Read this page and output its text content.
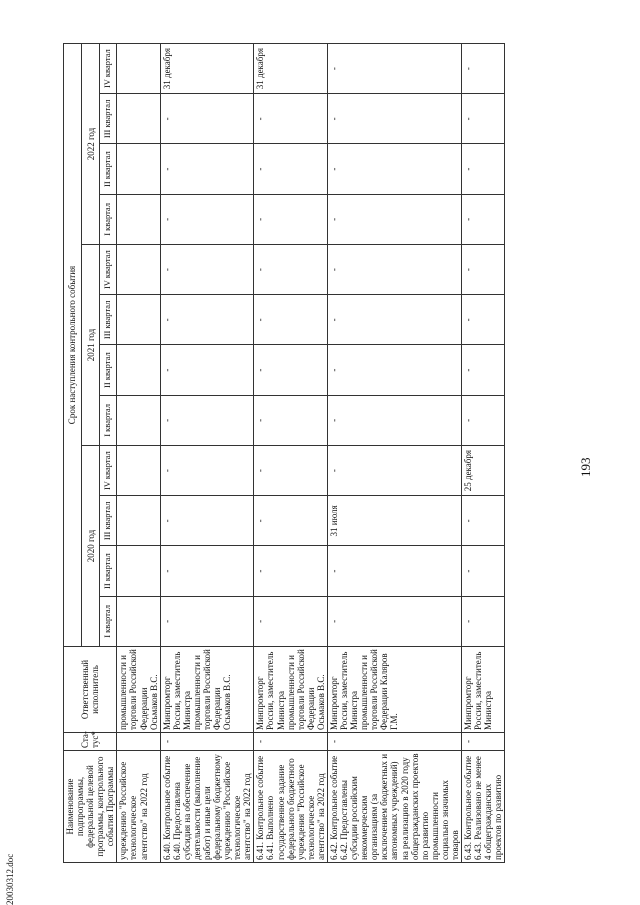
193
20030312.doc
Наименование подпрограммы, федеральной целевой программы, контрольного события Программы	Ста- тус*	Ответственный исполнитель	Срок наступления контрольного события											
			2020 год				2021 год				2022 год			
			I квартал	II квартал	III квартал	IV квартал	I квартал	II квартал	III квартал	IV квартал	I квартал	II квартал	III квартал	IV квартал
учреждению "Российское технологическое агентство" на 2022 год		промышленности и торговли Российской Федерации Осьмаков В.С.												
6.40. Контрольное событие 6.40. Предоставлена субсидия на обеспечение деятельности (выполнение работ) и иные цели федеральному бюджетному учреждению "Российское технологическое агентство" на 2022 год	-	Минпромторг России, заместитель Министра промышленности и торговли Российской Федерации Осьмаков В.С.	-	-	-	-	-	-	-	-	-	-	-	31 декабря
6.41. Контрольное событие 6.41. Выполнено государственное задание федерального бюджетного учреждения "Российское технологическое агентство" на 2022 год	-	Минпромторг России, заместитель Министра промышленности и торговли Российской Федерации Осьмаков В.С.	-	-	-	-	-	-	-	-	-	-	-	31 декабря
6.42. Контрольное событие 6.42. Предоставлены субсидии российским некоммерческим организациям (за исключением бюджетных и автономных учреждений) на реализацию в 2020 году общегражданских проектов по развитию промышленности социально значимых товаров	-	Минпромторг России, заместитель Министра промышленности и торговли Российской Федерации Каляров Г.М.	-	-	31 июля	-	-	-	-	-	-	-	-	-
6.43. Контрольное событие 6.43. Реализовано не менее 4 общегражданских проектов по развитию	-	Минпромторг России, заместитель Министра	-	-	-	25 декабря	-	-	-	-	-	-	-	-
